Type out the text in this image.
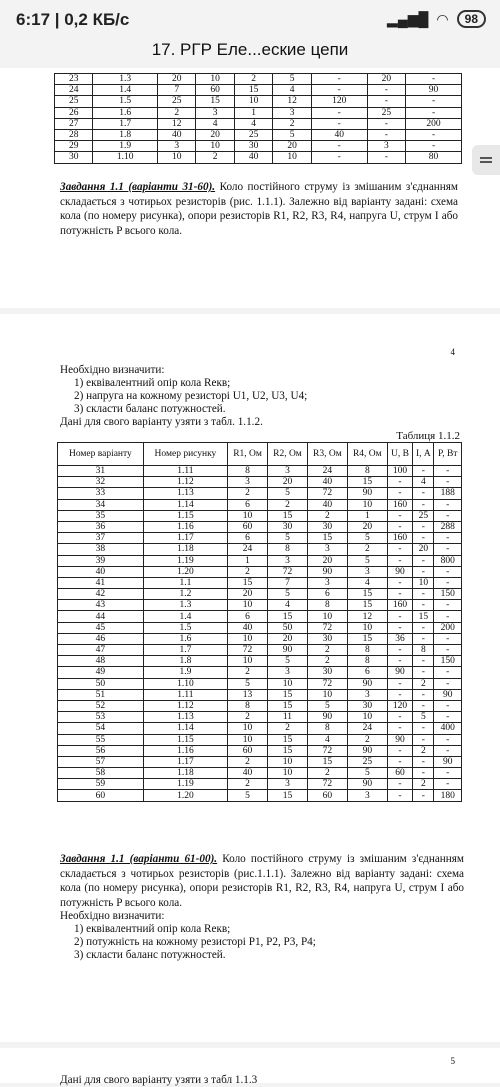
6:17 | 0,2 КБ/с	▂▄▆█ ◠	98
17. РГР Еле...еские цепи
23	1.3	20	10	2	5	-	20	-
24	1.4	7	60	15	4	-	-	90
25	1.5	25	15	10	12	120	-	-
26	1.6	2	3	1	3	-	25	-
27	1.7	12	4	4	2	-	-	200
28	1.8	40	20	25	5	40	-	-
29	1.9	3	10	30	20	-	3	-
30	1.10	10	2	40	10	-	-	80
Завдання 1.1 (варіанти 31-60). Коло постійного струму із змішаним з'єднанням складається з чотирьох резисторів (рис. 1.1.1). Залежно від варіанту задані: схема кола (по номеру рисунка), опори резисторів R1, R2, R3, R4, напруга U, струм I або потужність P всього кола.
4
Необхідно визначити:
1) еквівалентний опір кола Rекв;
2) напруга на кожному резисторі U1, U2, U3, U4;
3) скласти баланс потужностей.
Дані для свого варіанту узяти з табл. 1.1.2.
Таблиця 1.1.2
Номер варіанту	Номер рисунку	R1, Ом	R2, Ом	R3, Ом	R4, Ом	U, В	I, А	P, Вт
31	1.11	8	3	24	8	100	-	-
32	1.12	3	20	40	15	-	4	-
33	1.13	2	5	72	90	-	-	188
34	1.14	6	2	40	10	160	-	-
35	1.15	10	15	2	1	-	25	-
36	1.16	60	30	30	20	-	-	288
37	1.17	6	5	15	5	160	-	-
38	1.18	24	8	3	2	-	20	-
39	1.19	1	3	20	5	-	-	800
40	1.20	2	72	90	3	90	-	-
41	1.1	15	7	3	4	-	10	-
42	1.2	20	5	6	15	-	-	150
43	1.3	10	4	8	15	160	-	-
44	1.4	6	15	10	12	-	15	-
45	1.5	40	50	72	10	-	-	200
46	1.6	10	20	30	15	36	-	-
47	1.7	72	90	2	8	-	8	-
48	1.8	10	5	2	8	-	-	150
49	1.9	2	3	30	6	90	-	-
50	1.10	5	10	72	90	-	2	-
51	1.11	13	15	10	3	-	-	90
52	1.12	8	15	5	30	120	-	-
53	1.13	2	11	90	10	-	5	-
54	1.14	10	2	8	24	-	-	400
55	1.15	10	15	4	2	90	-	-
56	1.16	60	15	72	90	-	2	-
57	1.17	2	10	15	25	-	-	90
58	1.18	40	10	2	5	60	-	-
59	1.19	2	3	72	90	-	2	-
60	1.20	5	15	60	3	-	-	180
Завдання 1.1 (варіанти 61-00). Коло постійного струму із змішаним з'єднанням складається з чотирьох резисторів (рис.1.1.1). Залежно від варіанту задані: схема кола (по номеру рисунка), опори резисторів R1, R2, R3, R4, напруга U, струм I або потужність P всього кола.
Необхідно визначити:
1) еквівалентний опір кола Rекв;
2) потужність на кожному резисторі P1, P2, P3, P4;
3) скласти баланс потужностей.
5
Дані для свого варіанту узяти з табл 1.1.3
